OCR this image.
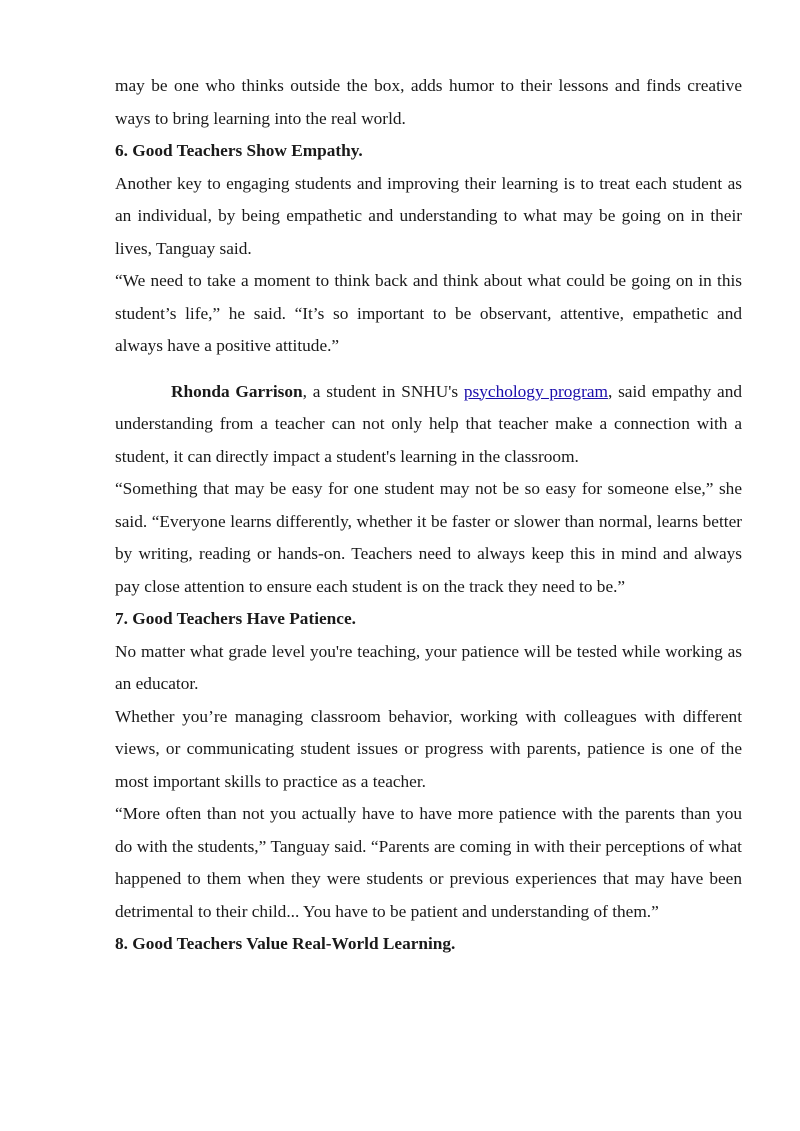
may be one who thinks outside the box, adds humor to their lessons and finds creative ways to bring learning into the real world.

6. Good Teachers Show Empathy.

Another key to engaging students and improving their learning is to treat each student as an individual, by being empathetic and understanding to what may be going on in their lives, Tanguay said.

“We need to take a moment to think back and think about what could be going on in this student’s life,” he said. “It’s so important to be observant, attentive, empathetic and always have a positive attitude.”

Rhonda Garrison, a student in SNHU's psychology program, said empathy and understanding from a teacher can not only help that teacher make a connection with a student, it can directly impact a student's learning in the classroom.

“Something that may be easy for one student may not be so easy for someone else,” she said. “Everyone learns differently, whether it be faster or slower than normal, learns better by writing, reading or hands-on. Teachers need to always keep this in mind and always pay close attention to ensure each student is on the track they need to be.”

7. Good Teachers Have Patience.

No matter what grade level you're teaching, your patience will be tested while working as an educator.

Whether you’re managing classroom behavior, working with colleagues with different views, or communicating student issues or progress with parents, patience is one of the most important skills to practice as a teacher.

“More often than not you actually have to have more patience with the parents than you do with the students,” Tanguay said. “Parents are coming in with their perceptions of what happened to them when they were students or previous experiences that may have been detrimental to their child... You have to be patient and understanding of them.”

8. Good Teachers Value Real-World Learning.
